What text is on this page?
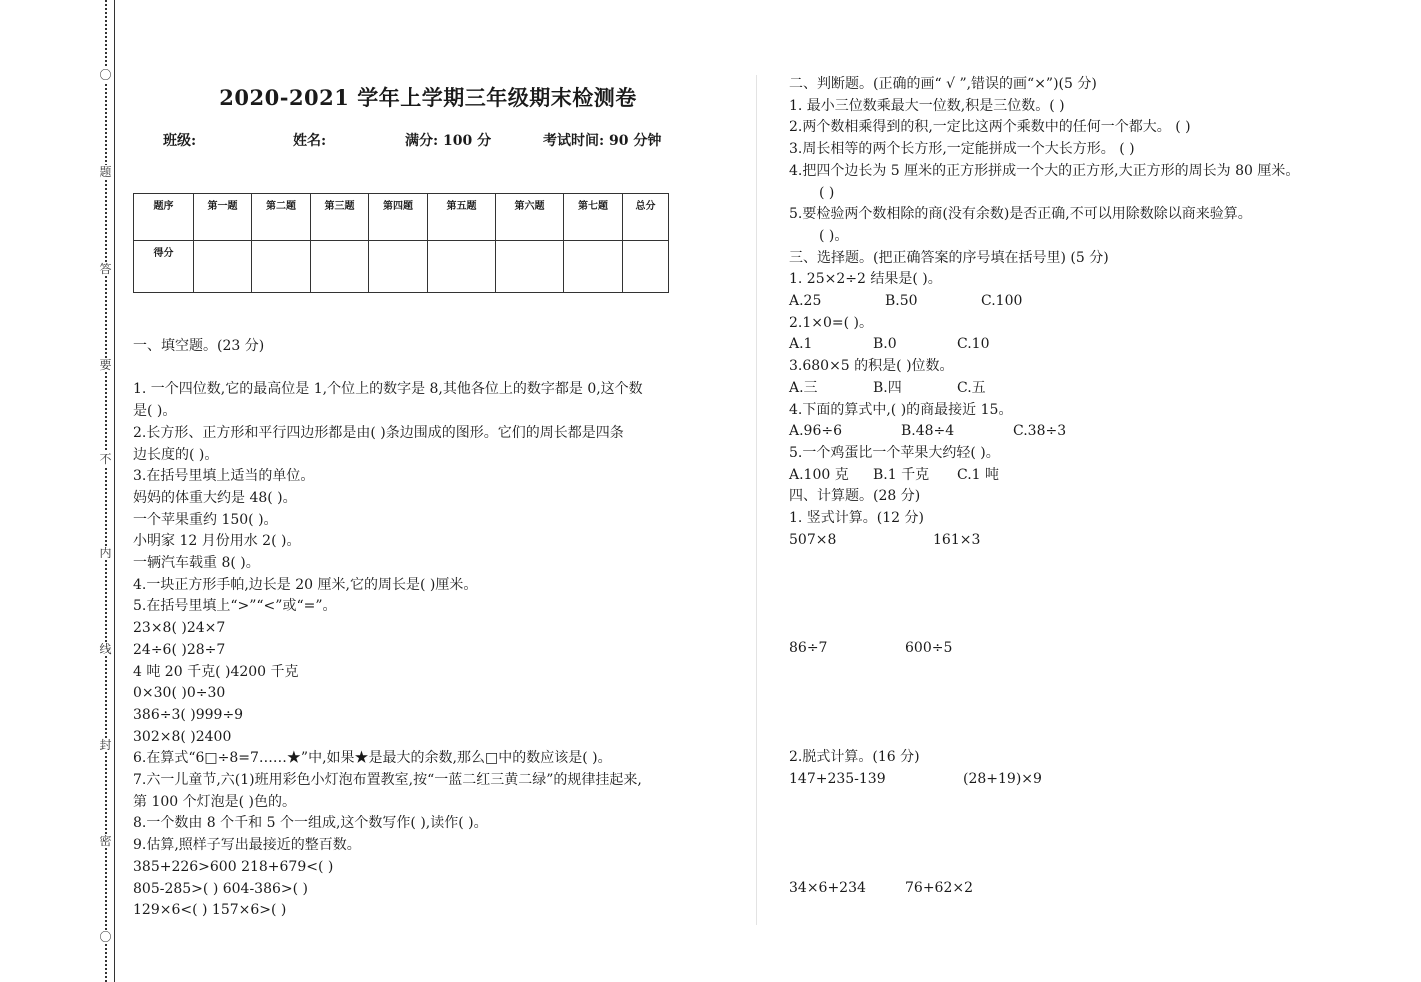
〇
题
答
要
不
内
线
封
密
〇
2020-2021 学年上学期三年级期末检测卷
班级:	姓名:	满分: 100 分	考试时间: 90 分钟
题序	第一题	第二题	第三题	第四题	第五题	第六题	第七题	总分
得分								
一、填空题。(23 分)
1. 一个四位数,它的最高位是 1,个位上的数字是 8,其他各位上的数字都是 0,这个数
是( )。
2.长方形、正方形和平行四边形都是由( )条边围成的图形。它们的周长都是四条
边长度的( )。
3.在括号里填上适当的单位。
妈妈的体重大约是 48( )。
一个苹果重约 150( )。
小明家 12 月份用水 2( )。
一辆汽车载重 8( )。
4.一块正方形手帕,边长是 20 厘米,它的周长是( )厘米。
5.在括号里填上“>”“<”或“=”。
23×8( )24×7
24÷6( )28÷7
4 吨 20 千克( )4200 千克
0×30( )0÷30
386÷3( )999÷9
302×8( )2400
6.在算式“6□÷8=7……★”中,如果★是最大的余数,那么□中的数应该是( )。
7.六一儿童节,六(1)班用彩色小灯泡布置教室,按“一蓝二红三黄二绿”的规律挂起来,
第 100 个灯泡是( )色的。
8.一个数由 8 个千和 5 个一组成,这个数写作( ),读作( )。
9.估算,照样子写出最接近的整百数。
385+226>600 218+679<( )
805-285>( ) 604-386>( )
129×6<( ) 157×6>( )
二、判断题。(正确的画“ √ ”,错误的画“×”)(5 分)
1. 最小三位数乘最大一位数,积是三位数。( )
2.两个数相乘得到的积,一定比这两个乘数中的任何一个都大。 ( )
3.周长相等的两个长方形,一定能拼成一个大长方形。 ( )
4.把四个边长为 5 厘米的正方形拼成一个大的正方形,大正方形的周长为 80 厘米。
( )
5.要检验两个数相除的商(没有余数)是否正确,不可以用除数除以商来验算。
( )。
三、选择题。(把正确答案的序号填在括号里) (5 分)
1. 25×2÷2 结果是( )。
A.25	B.50	C.100
2.1×0=( )。
A.1	B.0	C.10
3.680×5 的积是( )位数。
A.三	B.四	C.五
4.下面的算式中,( )的商最接近 15。
A.96÷6	B.48÷4	C.38÷3
5.一个鸡蛋比一个苹果大约轻( )。
A.100 克 B.1 千克 C.1 吨
四、计算题。(28 分)
1. 竖式计算。(12 分)
507×8	161×3
86÷7	600÷5
2.脱式计算。(16 分)
147+235-139	(28+19)×9
34×6+234	76+62×2
